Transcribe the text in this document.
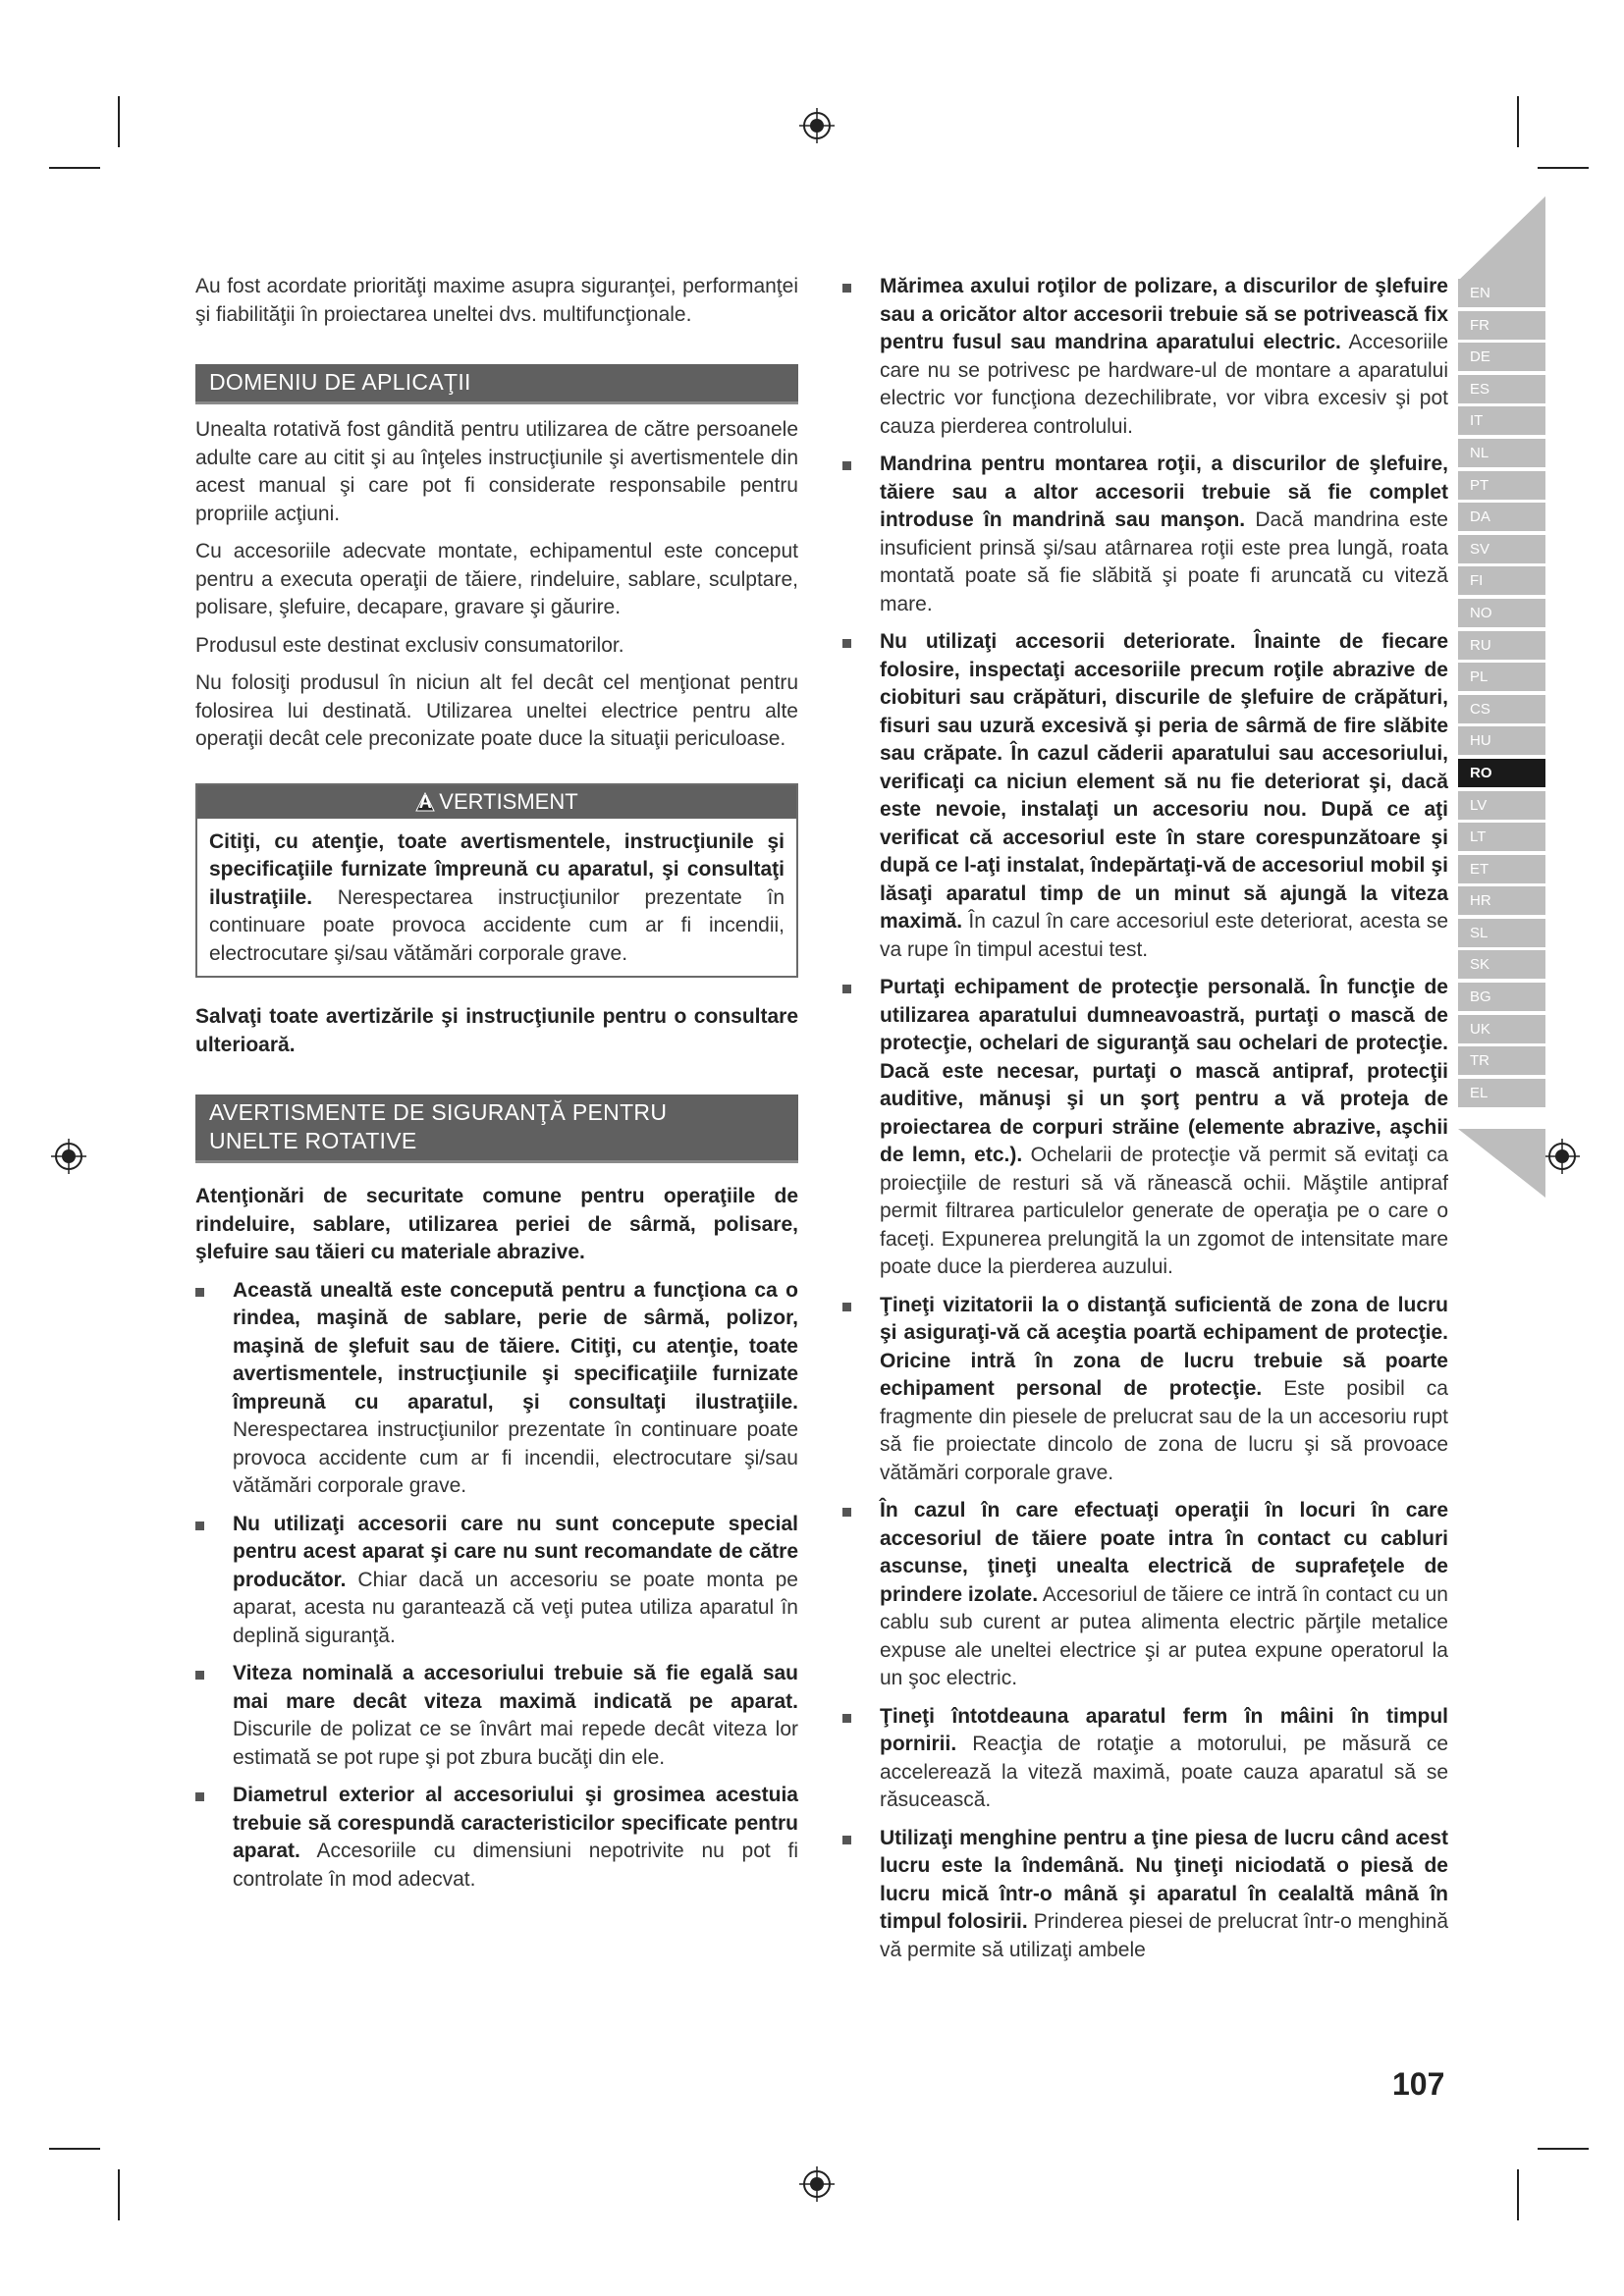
Au fost acordate priorităţi maxime asupra siguranţei, performanţei şi fiabilităţii în proiectarea uneltei dvs. multifuncţionale.

DOMENIU DE APLICAŢII

Unealta rotativă fost gândită pentru utilizarea de către persoanele adulte care au citit şi au înţeles instrucţiunile şi avertismentele din acest manual şi care pot fi considerate responsabile pentru propriile acţiuni.

Cu accesoriile adecvate montate, echipamentul este conceput pentru a executa operaţii de tăiere, rindeluire, sablare, sculptare, polisare, şlefuire, decapare, gravare şi găurire.

Produsul este destinat exclusiv consumatorilor.

Nu folosiţi produsul în niciun alt fel decât cel menţionat pentru folosirea lui destinată. Utilizarea uneltei electrice pentru alte operaţii decât cele preconizate poate duce la situaţii periculoase.

A VERTISMENT
Citiţi, cu atenţie, toate avertismentele, instrucţiunile şi specificaţiile furnizate împreună cu aparatul, şi consultaţi ilustraţiile. Nerespectarea instrucţiunilor prezentate în continuare poate provoca accidente cum ar fi incendii, electrocutare şi/sau vătămări corporale grave.

Salvaţi toate avertizările şi instrucţiunile pentru o consultare ulterioară.

AVERTISMENTE DE SIGURANŢĂ PENTRU
UNELTE ROTATIVE

Atenţionări de securitate comune pentru operaţiile de rindeluire, sablare, utilizarea periei de sârmă, polisare, şlefuire sau tăieri cu materiale abrazive.

Această unealtă este concepută pentru a funcţiona ca o rindea, maşină de sablare, perie de sârmă, polizor, maşină de şlefuit sau de tăiere. Citiţi, cu atenţie, toate avertismentele, instrucţiunile şi specificaţiile furnizate împreună cu aparatul, şi consultaţi ilustraţiile. Nerespectarea instrucţiunilor prezentate în continuare poate provoca accidente cum ar fi incendii, electrocutare şi/sau vătămări corporale grave.
Nu utilizaţi accesorii care nu sunt concepute special pentru acest aparat şi care nu sunt recomandate de către producător. Chiar dacă un accesoriu se poate monta pe aparat, acesta nu garantează că veţi putea utiliza aparatul în deplină siguranţă.
Viteza nominală a accesoriului trebuie să fie egală sau mai mare decât viteza maximă indicată pe aparat. Discurile de polizat ce se învârt mai repede decât viteza lor estimată se pot rupe şi pot zbura bucăţi din ele.
Diametrul exterior al accesoriului şi grosimea acestuia trebuie să corespundă caracteristicilor specificate pentru aparat. Accesoriile cu dimensiuni nepotrivite nu pot fi controlate în mod adecvat.
Mărimea axului roţilor de polizare, a discurilor de şlefuire sau a oricător altor accesorii trebuie să se potrivească fix pentru fusul sau mandrina aparatului electric. Accesoriile care nu se potrivesc pe hardware-ul de montare a aparatului electric vor funcţiona dezechilibrate, vor vibra excesiv şi pot cauza pierderea controlului.
Mandrina pentru montarea roţii, a discurilor de şlefuire, tăiere sau a altor accesorii trebuie să fie complet introduse în mandrină sau manşon. Dacă mandrina este insuficient prinsă şi/sau atârnarea roţii este prea lungă, roata montată poate să fie slăbită şi poate fi aruncată cu viteză mare.
Nu utilizaţi accesorii deteriorate. Înainte de fiecare folosire, inspectaţi accesoriile precum roţile abrazive de ciobituri sau crăpături, discurile de şlefuire de crăpături, fisuri sau uzură excesivă şi peria de sârmă de fire slăbite sau crăpate. În cazul căderii aparatului sau accesoriului, verificaţi ca niciun element să nu fie deteriorat şi, dacă este nevoie, instalaţi un accesoriu nou. După ce aţi verificat că accesoriul este în stare corespunzătoare şi după ce l-aţi instalat, îndepărtaţi-vă de accesoriul mobil şi lăsaţi aparatul timp de un minut să ajungă la viteza maximă. În cazul în care accesoriul este deteriorat, acesta se va rupe în timpul acestui test.
Purtaţi echipament de protecţie personală. În funcţie de utilizarea aparatului dumneavoastră, purtaţi o mască de protecţie, ochelari de siguranţă sau ochelari de protecţie. Dacă este necesar, purtaţi o mască antipraf, protecţii auditive, mănuşi şi un şorţ pentru a vă proteja de proiectarea de corpuri străine (elemente abrazive, aşchii de lemn, etc.). Ochelarii de protecţie vă permit să evitaţi ca proiecţiile de resturi să vă rănească ochii. Măştile antipraf permit filtrarea particulelor generate de operaţia pe o care o faceţi. Expunerea prelungită la un zgomot de intensitate mare poate duce la pierderea auzului.
Ţineţi vizitatorii la o distanţă suficientă de zona de lucru şi asiguraţi-vă că aceştia poartă echipament de protecţie. Oricine intră în zona de lucru trebuie să poarte echipament personal de protecţie. Este posibil ca fragmente din piesele de prelucrat sau de la un accesoriu rupt să fie proiectate dincolo de zona de lucru şi să provoace vătămări corporale grave.
În cazul în care efectuaţi operaţii în locuri în care accesoriul de tăiere poate intra în contact cu cabluri ascunse, ţineţi unealta electrică de suprafeţele de prindere izolate. Accesoriul de tăiere ce intră în contact cu un cablu sub curent ar putea alimenta electric părţile metalice expuse ale uneltei electrice şi ar putea expune operatorul la un şoc electric.
Ţineţi întotdeauna aparatul ferm în mâini în timpul pornirii. Reacţia de rotaţie a motorului, pe măsură ce accelerează la viteză maximă, poate cauza aparatul să se răsucească.
Utilizaţi menghine pentru a ţine piesa de lucru când acest lucru este la îndemână. Nu ţineţi niciodată o piesă de lucru mică într-o mână şi aparatul în cealaltă mână în timpul folosirii. Prinderea piesei de prelucrat într-o menghină vă permite să utilizaţi ambele
EN
FR
DE
ES
IT
NL
PT
DA
SV
FI
NO
RU
PL
CS
HU
RO
LV
LT
ET
HR
SL
SK
BG
UK
TR
EL
107
